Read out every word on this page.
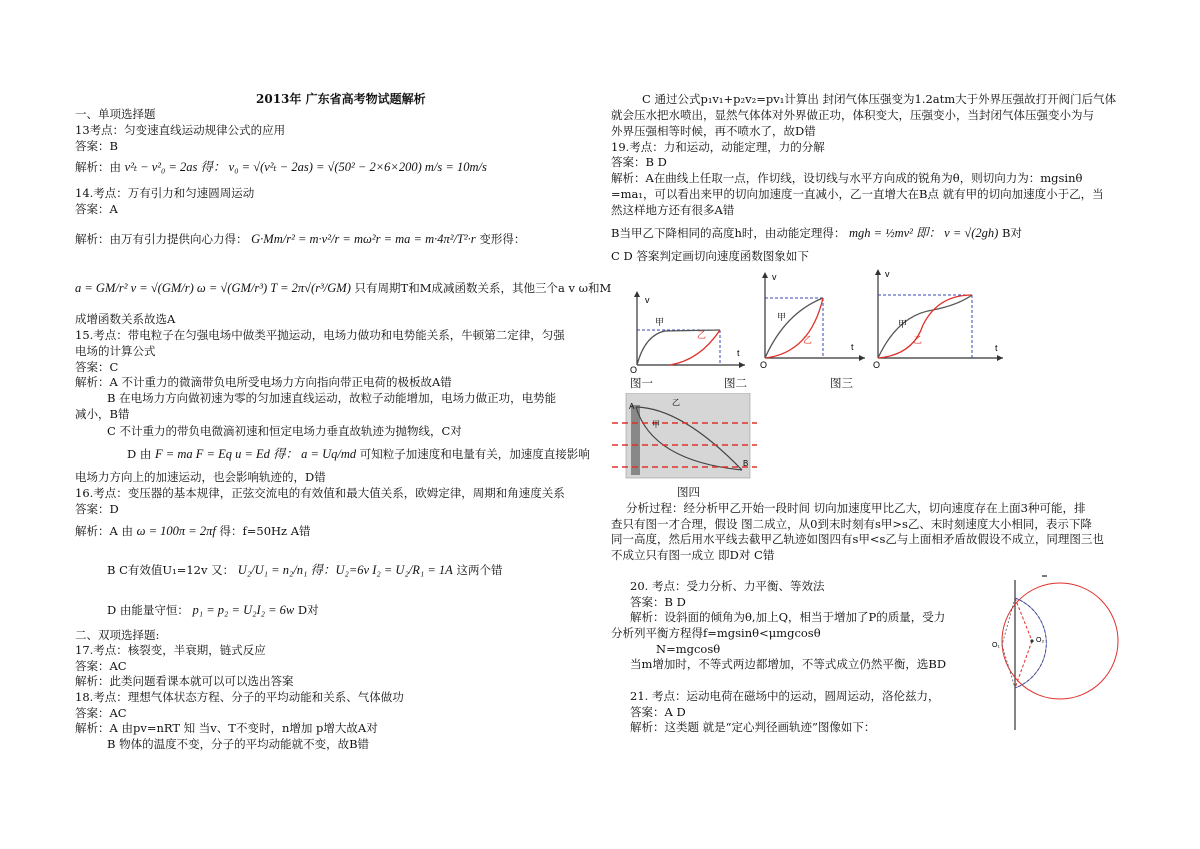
2013年 广东省高考物试题解析
一、单项选择题
13考点：匀变速直线运动规律公式的应用
答案：B
解析：由 v²ₜ − v²₀ = 2as 得： v₀ = √(v²ₜ − 2as) = √(50² − 2×6×200) m/s = 10m/s
14.考点：万有引力和匀速圆周运动
答案：A
解析：由万有引力提供向心力得： G·Mm/r² = m·v²/r = mω²r = ma = m·4π²/T²·r 变形得：
a = GM/r² v = √(GM/r) ω = √(GM/r³) T = 2π√(r³/GM) 只有周期T和M成减函数关系，其他三个a v ω和M
成增函数关系故选A
15.考点：带电粒子在匀强电场中做类平抛运动，电场力做功和电势能关系，牛顿第二定律，匀强
电场的计算公式
答案：C
解析：A 不计重力的微滴带负电所受电场力方向指向带正电荷的极板故A错
B 在电场力方向做初速为零的匀加速直线运动，故粒子动能增加，电场力做正功，电势能
减小，B错
C 不计重力的带负电微滴初速和恒定电场力垂直故轨迹为抛物线，C对
D 由 F = ma F = Eq u = Ed 得： a = Uq/md 可知粒子加速度和电量有关，加速度直接影响
电场力方向上的加速运动，也会影响轨迹的，D错
16.考点：变压器的基本规律，正弦交流电的有效值和最大值关系，欧姆定律，周期和角速度关系
答案：D
解析：A 由 ω = 100π = 2πf 得：f=50Hz A错
B C有效值U₁=12v 又： U₂/U₁ = n₂/n₁ 得：U₂=6v I₂ = U₂/R₁ = 1A 这两个错
D 由能量守恒： p₁ = p₂ = U₂I₂ = 6w D对
二、双项选择题:
17.考点：核裂变，半衰期，链式反应
答案：AC
解析：此类问题看课本就可以可以选出答案
18.考点：理想气体状态方程、分子的平均动能和关系、气体做功
答案：AC
解析：A 由pv=nRT 知 当v、T不变时，n增加 p增大故A对
B 物体的温度不变，分子的平均动能就不变，故B错
C 通过公式p₁v₁+p₂v₂=pv₁计算出 封闭气体压强变为1.2atm大于外界压强故打开阀门后气体
就会压水把水喷出，显然气体体对外界做正功，体积变大，压强变小，当封闭气体压强变小为与
外界压强相等时候，再不喷水了，故D错
19.考点：力和运动，动能定理，力的分解
答案：B D
解析：A在曲线上任取一点，作切线，设切线与水平方向成的锐角为θ，则切向力为：mgsinθ
=ma₁，可以看出来甲的切向加速度一直减小，乙一直增大在B点 就有甲的切向加速度小于乙，当
然这样地方还有很多A错
B当甲乙下降相同的高度h时，由动能定理得： mgh = ½mv² 即： v = √(2gh) B对
C D 答案判定画切向速度函数图象如下
v
t
O
甲
乙
图一
v
t
O
甲
乙
图二
v
t
O
甲
乙
图三
A
B
乙
甲
图四
分析过程：经分析甲乙开始一段时间 切向加速度甲比乙大，切向速度存在上面3种可能，排
查只有图一才合理，假设 图二成立，从0到末时刻有s甲>s乙、末时刻速度大小相同，表示下降
同一高度，然后用水平线去截甲乙轨迹如图四有s甲<s乙与上面相矛盾故假设不成立，同理图三也
不成立只有图一成立 即D对 C错
20. 考点：受力分析、力平衡、等效法
答案：B D
解析：设斜面的倾角为θ,加上Q，相当于增加了P的质量，受力
分析列平衡方程得f=mgsinθ<μmgcosθ
N=mgcosθ
当m增加时，不等式两边都增加，不等式成立仍然平衡，选BD
21. 考点：运动电荷在磁场中的运动，圆周运动，洛伦兹力，
答案：A D
解析：这类题 就是“定心判径画轨迹”图像如下：
O₁
O₂
